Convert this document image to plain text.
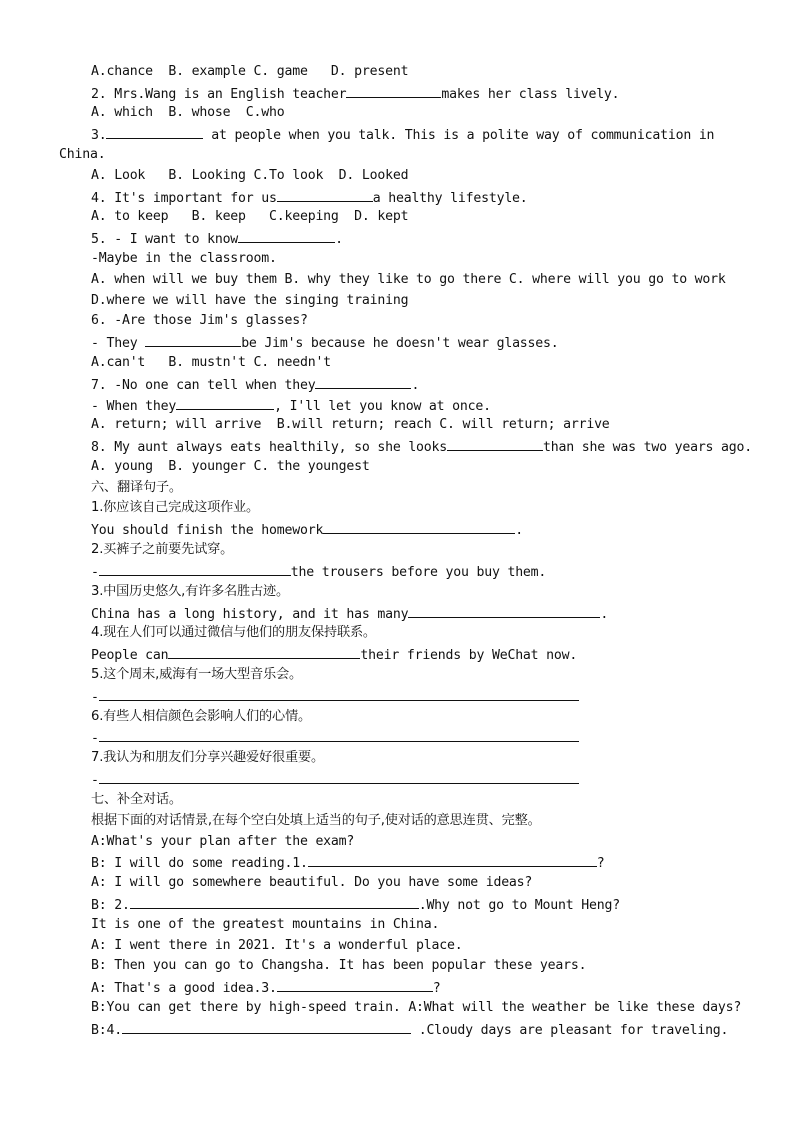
A.chance  B. example C. game   D. present
2. Mrs.Wang is an English teacher	makes her class lively.
A. which  B. whose  C.who
3.	at people when you talk. This is a polite way of communication in
China.
A. Look   B. Looking C.To look  D. Looked
4. It's important for us	a healthy lifestyle.
A. to keep   B. keep   C.keeping  D. kept
5. - I want to know	.
-Maybe in the classroom.
A. when will we buy them B. why they like to go there C. where will you go to work
D.where we will have the singing training
6. -Are those Jim's glasses?
- They	be Jim's because he doesn't wear glasses.
A.can't   B. mustn't C. needn't
7. -No one can tell when they	.
- When they	, I'll let you know at once.
A. return; will arrive  B.will return; reach C. will return; arrive
8. My aunt always eats healthily, so she looks	than she was two years ago.
A. young  B. younger C. the youngest
六、翻译句子。
1.你应该自己完成这项作业。
You should finish the homework	.
2.买裤子之前要先试穿。
-	the trousers before you buy them.
3.中国历史悠久,有许多名胜古迹。
China has a long history, and it has many	.
4.现在人们可以通过微信与他们的朋友保持联系。
People can	their friends by WeChat now.
5.这个周末,威海有一场大型音乐会。
-
6.有些人相信颜色会影响人们的心情。
-
7.我认为和朋友们分享兴趣爱好很重要。
-
七、补全对话。
根据下面的对话情景,在每个空白处填上适当的句子,使对话的意思连贯、完整。
A:What's your plan after the exam?
B: I will do some reading.1.	?
A: I will go somewhere beautiful. Do you have some ideas?
B: 2.	.Why not go to Mount Heng?
It is one of the greatest mountains in China.
A: I went there in 2021. It's a wonderful place.
B: Then you can go to Changsha. It has been popular these years.
A: That's a good idea.3.	?
B:You can get there by high-speed train. A:What will the weather be like these days?
B:4.	.Cloudy days are pleasant for traveling.
